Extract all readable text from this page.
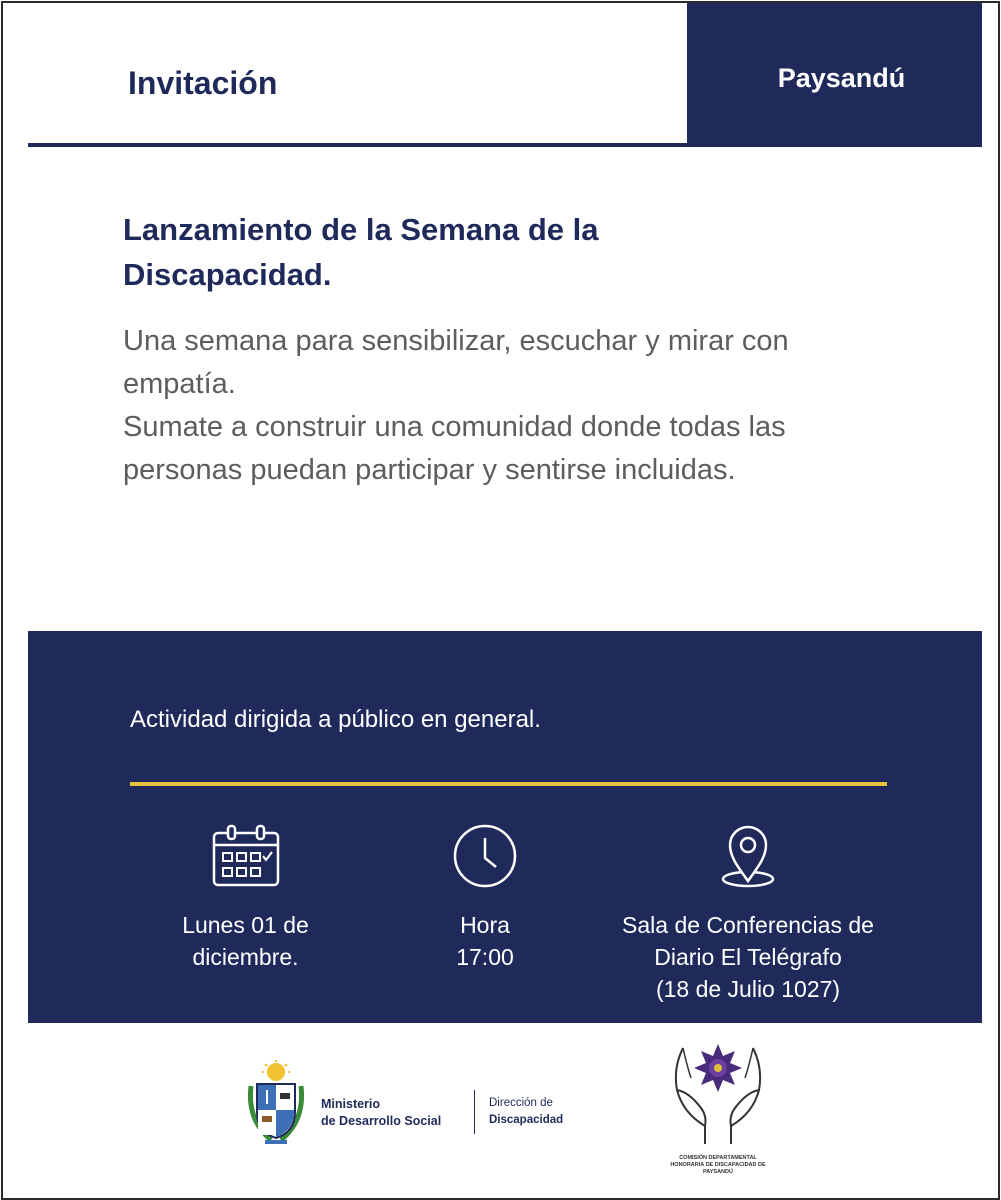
Invitación	Paysandú
Lanzamiento de la Semana de la Discapacidad.

Una semana para sensibilizar, escuchar y mirar con empatía.

Sumate a construir una comunidad donde todas las personas puedan participar y sentirse incluidas.

Actividad dirigida a público en general.
Lunes 01 de
diciembre.
Hora
17:00
Sala de Conferencias de
Diario El Telégrafo
(18 de Julio 1027)
Ministerio
de Desarrollo Social
Dirección de
Discapacidad
COMISIÓN DEPARTAMENTAL HONORARIA DE DISCAPACIDAD DE PAYSANDÚ
